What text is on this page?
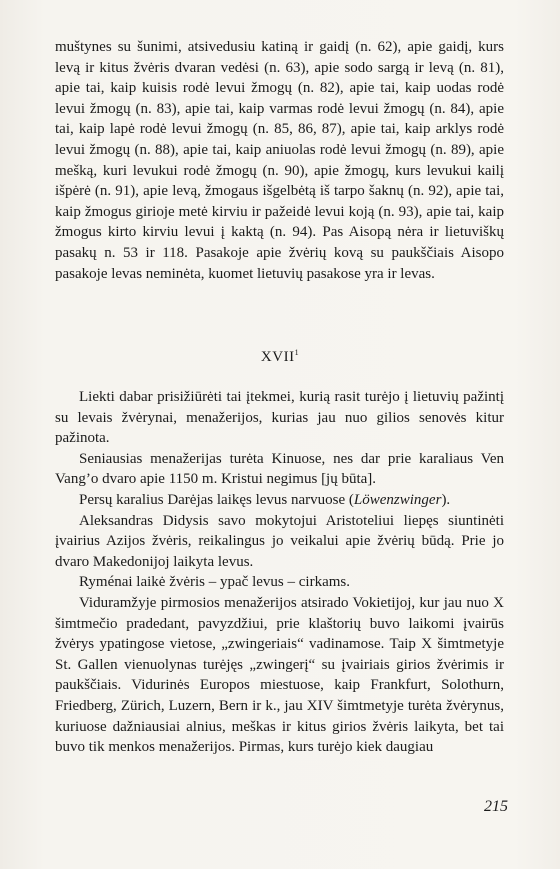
muštynes su šunimi, atsivedusiu katiną ir gaidį (n. 62), apie gaidį, kurs levą ir kitus žvėris dvaran vedėsi (n. 63), apie sodo sargą ir levą (n. 81), apie tai, kaip kuisis rodė levui žmogų (n. 82), apie tai, kaip uodas rodė levui žmogų (n. 83), apie tai, kaip varmas rodė levui žmogų (n. 84), apie tai, kaip lapė rodė levui žmogų (n. 85, 86, 87), apie tai, kaip arklys rodė levui žmogų (n. 88), apie tai, kaip aniuolas rodė levui žmogų (n. 89), apie mešką, kuri levukui rodė žmogų (n. 90), apie žmogų, kurs levukui kailį išpėrė (n. 91), apie levą, žmogaus išgelbėtą iš tarpo šaknų (n. 92), apie tai, kaip žmogus girioje metė kirviu ir pažeidė levui koją (n. 93), apie tai, kaip žmogus kirto kirviu levui į kaktą (n. 94). Pas Aisopą nėra ir lietuviškų pasakų n. 53 ir 118. Pasakoje apie žvėrių kovą su paukščiais Aisopo pasakoje levas neminėta, kuomet lietuvių pasakose yra ir levas.

XVII$^1$

Liekti dabar prisižiūrėti tai įtekmei, kurią rasit turėjo į lietuvių pažintį su levais žvėrynai, menažerijos, kurias jau nuo gilios senovės kitur pažinota.

Seniausias menažerijas turėta Kinuose, nes dar prie karaliaus Ven Vang’o dvaro apie 1150 m. Kristui negimus [jų būta].

Persų karalius Darėjas laikęs levus narvuose (Löwenzwinger).

Aleksandras Didysis savo mokytojui Aristoteliui liepęs siuntinėti įvairius Azijos žvėris, reikalingus jo veikalui apie žvėrių būdą. Prie jo dvaro Makedonijoj laikyta levus.

Ryménai laikė žvėris – ypač levus – cirkams.

Viduramžyje pirmosios menažerijos atsirado Vokietijoj, kur jau nuo X šimtmečio pradedant, pavyzdžiui, prie klaštorių buvo laikomi įvairūs žvėrys ypatingose vietose, „zwingeriais“ vadinamose. Taip X šimtmetyje St. Gallen vienuolynas turėjęs „zwingerį“ su įvairiais girios žvėrimis ir paukščiais. Vidurinės Europos miestuose, kaip Frankfurt, Solothurn, Friedberg, Zürich, Luzern, Bern ir k., jau XIV šimtmetyje turėta žvėrynus, kuriuose dažniausiai alnius, meškas ir kitus girios žvėris laikyta, bet tai buvo tik menkos menažerijos. Pirmas, kurs turėjo kiek daugiau

215
